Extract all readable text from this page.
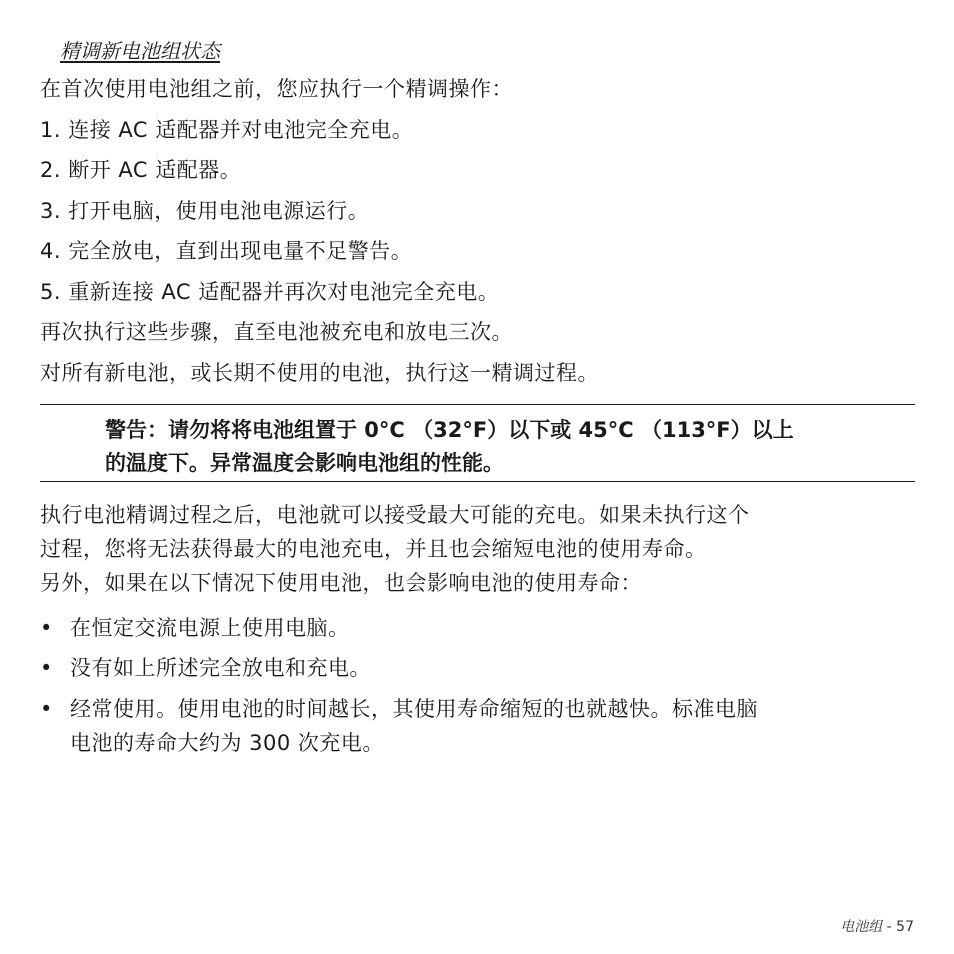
精调新电池组状态
在首次使用电池组之前，您应执行一个精调操作：
1. 连接 AC 适配器并对电池完全充电。
2. 断开 AC 适配器。
3. 打开电脑，使用电池电源运行。
4. 完全放电，直到出现电量不足警告。
5. 重新连接 AC 适配器并再次对电池完全充电。
再次执行这些步骤，直至电池被充电和放电三次。
对所有新电池，或长期不使用的电池，执行这一精调过程。
警告：请勿将将电池组置于 0°C （32°F）以下或 45°C （113°F）以上
的温度下。异常温度会影响电池组的性能。
执行电池精调过程之后，电池就可以接受最大可能的充电。如果未执行这个
过程，您将无法获得最大的电池充电，并且也会缩短电池的使用寿命。
另外，如果在以下情况下使用电池，也会影响电池的使用寿命：
• 在恒定交流电源上使用电脑。
• 没有如上所述完全放电和充电。
• 经常使用。使用电池的时间越长，其使用寿命缩短的也就越快。标准电脑
电池的寿命大约为 300 次充电。
电池组 - 57
